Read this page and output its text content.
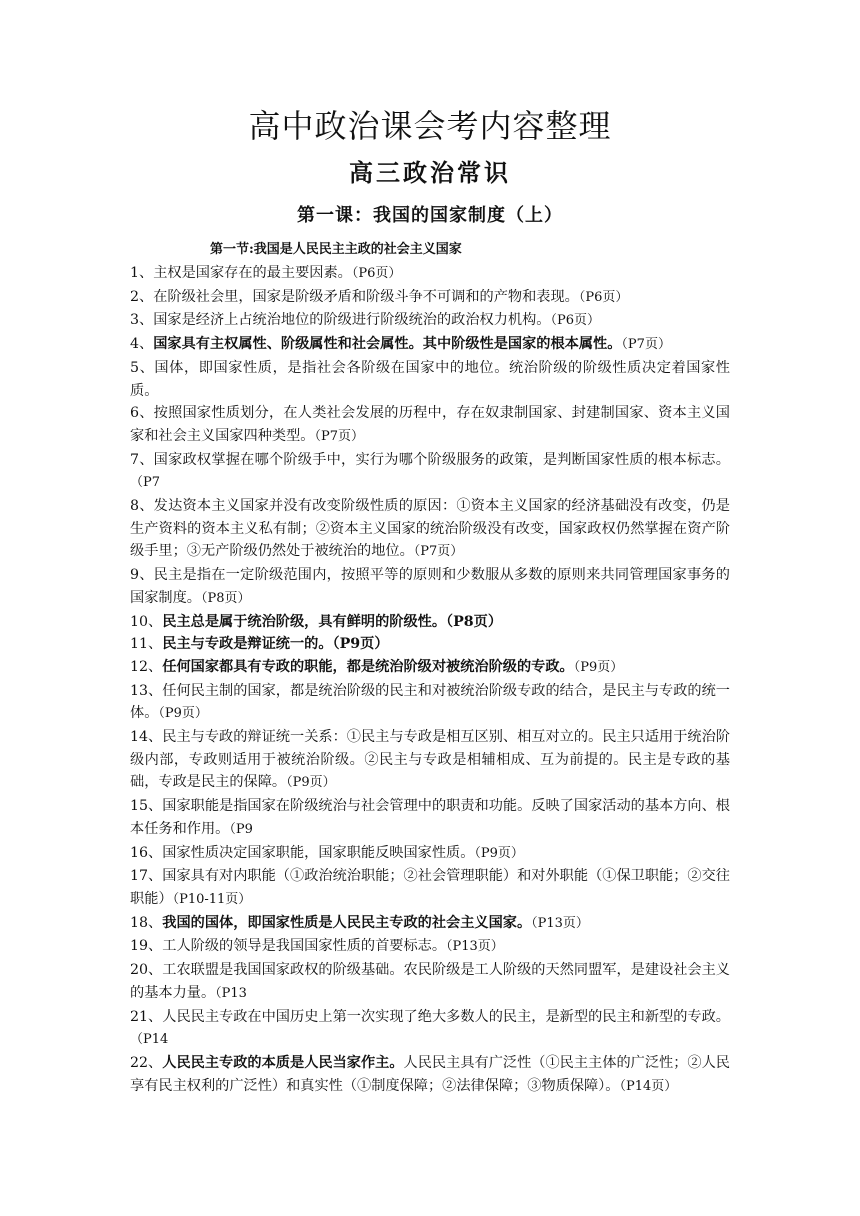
高中政治课会考内容整理
高三政治常识
第一课：我国的国家制度（上）
第一节:我国是人民民主主政的社会主义国家
1、主权是国家存在的最主要因素。（P6页）
2、在阶级社会里，国家是阶级矛盾和阶级斗争不可调和的产物和表现。（P6页）
3、国家是经济上占统治地位的阶级进行阶级统治的政治权力机构。（P6页）
4、国家具有主权属性、阶级属性和社会属性。其中阶级性是国家的根本属性。（P7页）
5、国体，即国家性质，是指社会各阶级在国家中的地位。统治阶级的阶级性质决定着国家性质。
6、按照国家性质划分，在人类社会发展的历程中，存在奴隶制国家、封建制国家、资本主义国家和社会主义国家四种类型。（P7页）
7、国家政权掌握在哪个阶级手中，实行为哪个阶级服务的政策，是判断国家性质的根本标志。（P7
8、发达资本主义国家并没有改变阶级性质的原因：①资本主义国家的经济基础没有改变，仍是生产资料的资本主义私有制；②资本主义国家的统治阶级没有改变，国家政权仍然掌握在资产阶级手里；③无产阶级仍然处于被统治的地位。（P7页）
9、民主是指在一定阶级范围内，按照平等的原则和少数服从多数的原则来共同管理国家事务的国家制度。（P8页）
10、民主总是属于统治阶级，具有鲜明的阶级性。（P8页）
11、民主与专政是辩证统一的。（P9页）
12、任何国家都具有专政的职能，都是统治阶级对被统治阶级的专政。（P9页）
13、任何民主制的国家，都是统治阶级的民主和对被统治阶级专政的结合，是民主与专政的统一体。（P9页）
14、民主与专政的辩证统一关系：①民主与专政是相互区别、相互对立的。民主只适用于统治阶级内部，专政则适用于被统治阶级。②民主与专政是相辅相成、互为前提的。民主是专政的基础，专政是民主的保障。（P9页）
15、国家职能是指国家在阶级统治与社会管理中的职责和功能。反映了国家活动的基本方向、根本任务和作用。（P9
16、国家性质决定国家职能，国家职能反映国家性质。（P9页）
17、国家具有对内职能（①政治统治职能；②社会管理职能）和对外职能（①保卫职能；②交往职能）（P10-11页）
18、我国的国体，即国家性质是人民民主专政的社会主义国家。（P13页）
19、工人阶级的领导是我国国家性质的首要标志。（P13页）
20、工农联盟是我国国家政权的阶级基础。农民阶级是工人阶级的天然同盟军，是建设社会主义的基本力量。（P13
21、人民民主专政在中国历史上第一次实现了绝大多数人的民主，是新型的民主和新型的专政。（P14
22、人民民主专政的本质是人民当家作主。人民民主具有广泛性（①民主主体的广泛性；②人民享有民主权利的广泛性）和真实性（①制度保障；②法律保障；③物质保障）。（P14页）
